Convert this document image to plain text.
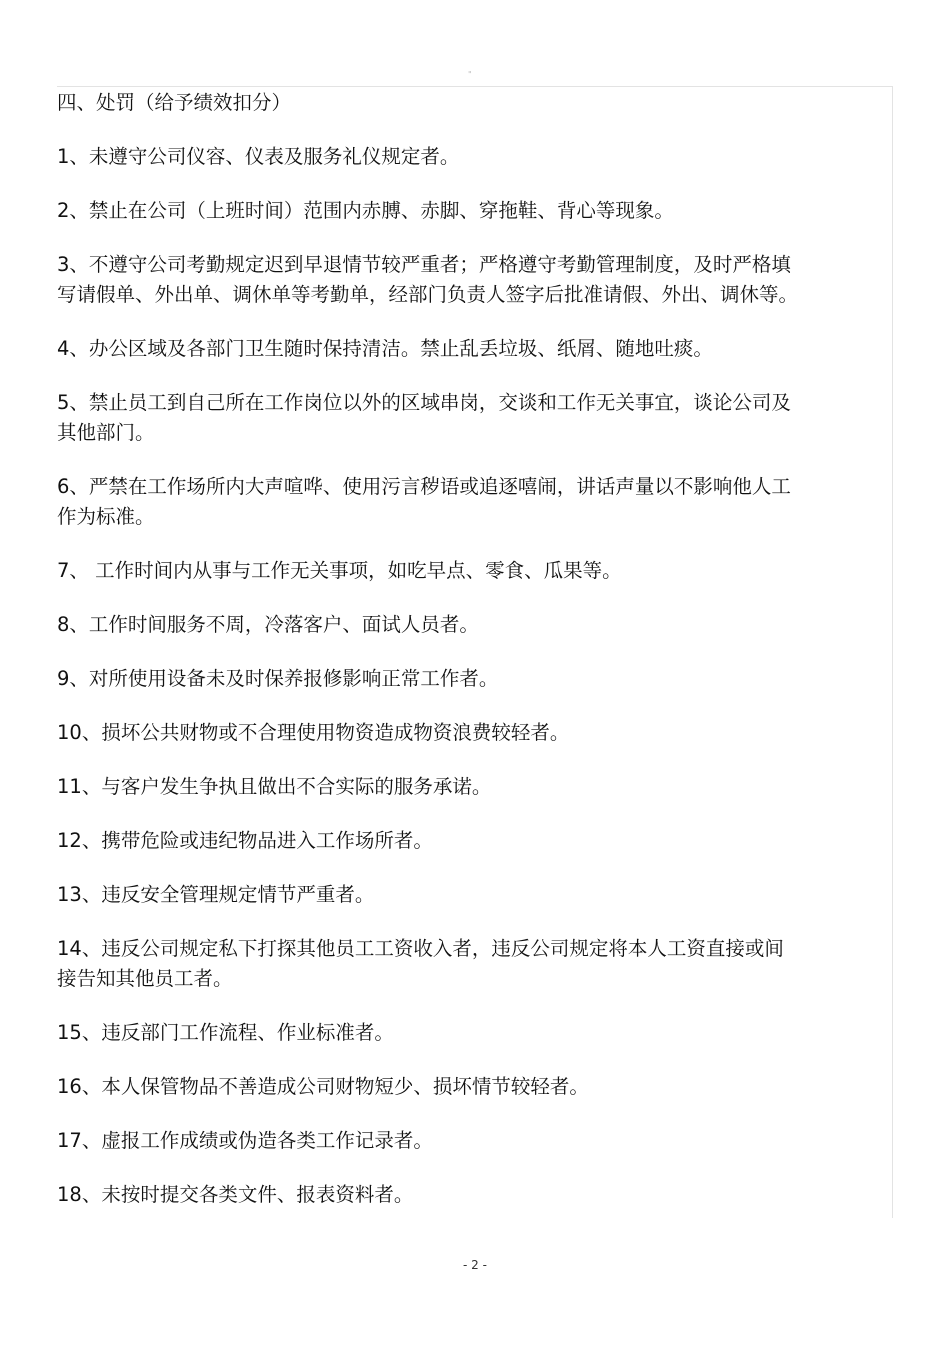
"

四、处罚（给予绩效扣分）

1、未遵守公司仪容、仪表及服务礼仪规定者。
2、禁止在公司（上班时间）范围内赤膊、赤脚、穿拖鞋、背心等现象。
3、不遵守公司考勤规定迟到早退情节较严重者；严格遵守考勤管理制度，及时严格填
写请假单、外出单、调休单等考勤单，经部门负责人签字后批准请假、外出、调休等。
4、办公区域及各部门卫生随时保持清洁。禁止乱丢垃圾、纸屑、随地吐痰。
5、禁止员工到自己所在工作岗位以外的区域串岗，交谈和工作无关事宜，谈论公司及
其他部门。
6、严禁在工作场所内大声喧哗、使用污言秽语或追逐嘻闹，讲话声量以不影响他人工
作为标准。
7、 工作时间内从事与工作无关事项，如吃早点、零食、瓜果等。
8、工作时间服务不周，冷落客户、面试人员者。
9、对所使用设备未及时保养报修影响正常工作者。
10、损坏公共财物或不合理使用物资造成物资浪费较轻者。
11、与客户发生争执且做出不合实际的服务承诺。
12、携带危险或违纪物品进入工作场所者。
13、违反安全管理规定情节严重者。
14、违反公司规定私下打探其他员工工资收入者，违反公司规定将本人工资直接或间
接告知其他员工者。
15、违反部门工作流程、作业标准者。
16、本人保管物品不善造成公司财物短少、损坏情节较轻者。
17、虚报工作成绩或伪造各类工作记录者。
18、未按时提交各类文件、报表资料者。
- 2 -
